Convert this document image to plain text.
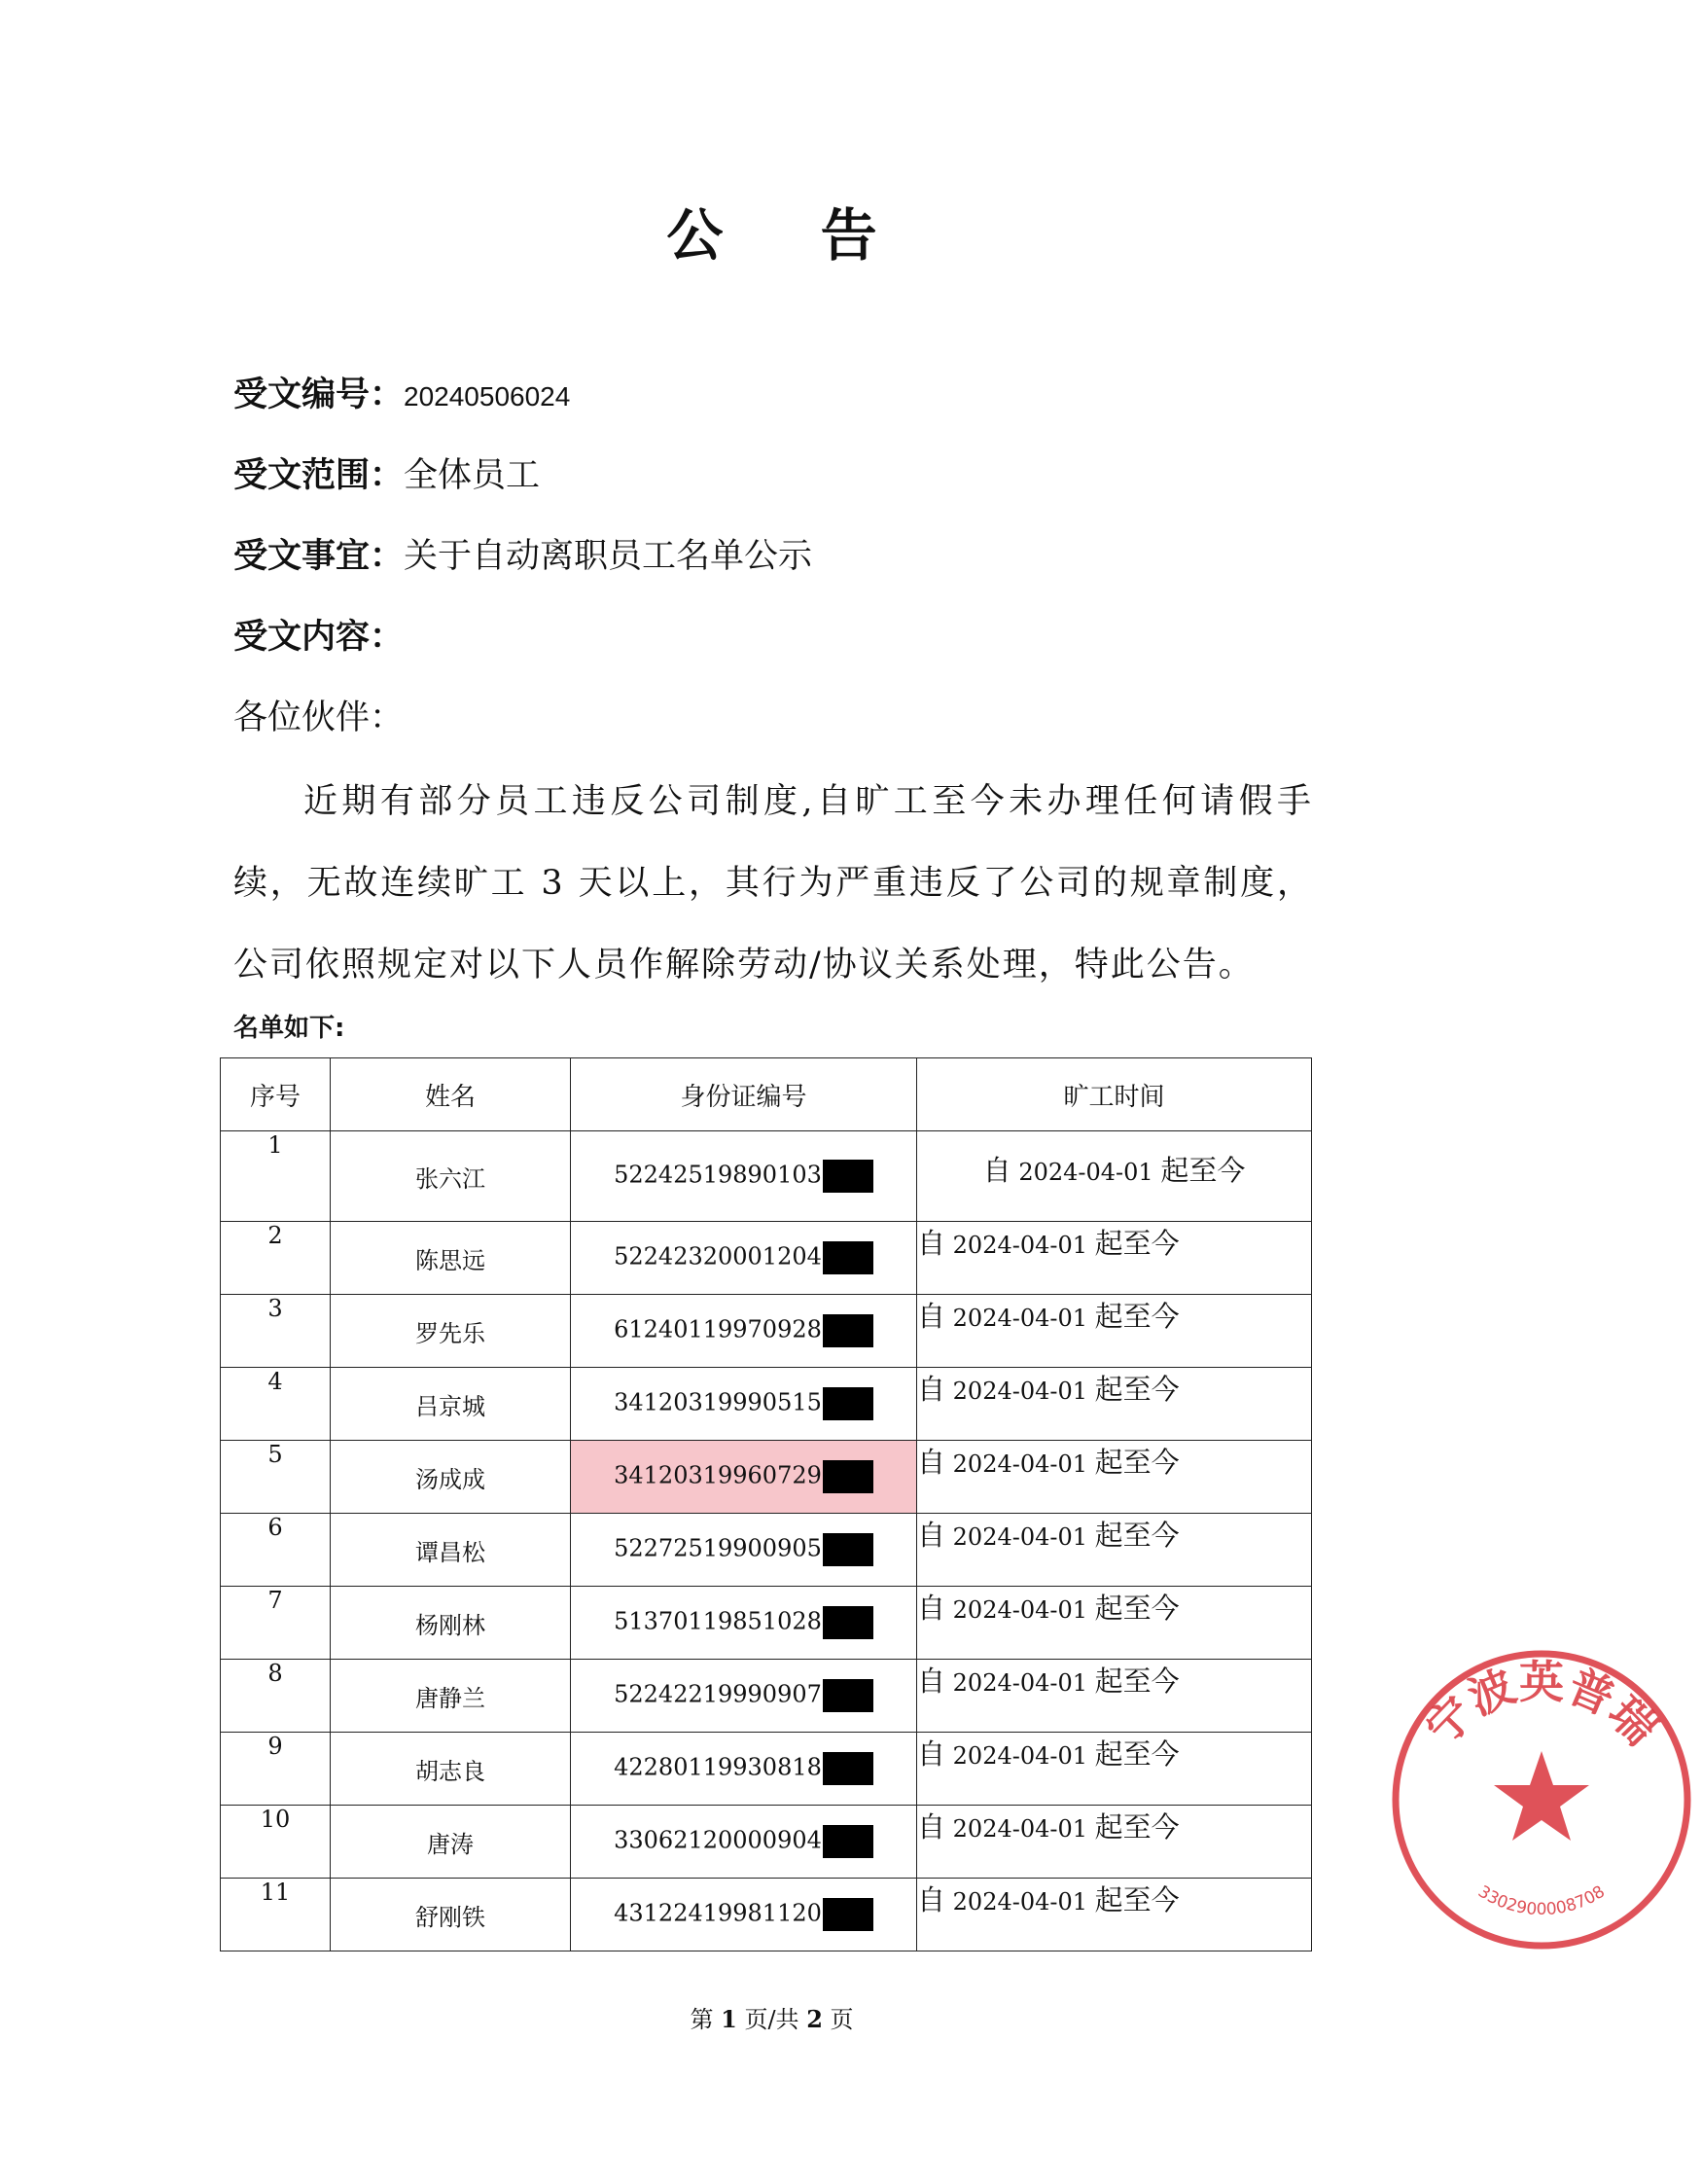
公 告
受文编号：20240506024
受文范围：全体员工
受文事宜：关于自动离职员工名单公示
受文内容：
各位伙伴：
近期有部分员工违反公司制度,自旷工至今未办理任何请假手续，无故连续旷工 3 天以上，其行为严重违反了公司的规章制度，公司依照规定对以下人员作解除劳动/协议关系处理，特此公告。
名单如下:
序号	姓名	身份证编号	旷工时间
1	张六江	52242519890103	自 2024-04-01 起至今
2	陈思远	52242320001204	自 2024-04-01 起至今
3	罗先乐	61240119970928	自 2024-04-01 起至今
4	吕京城	34120319990515	自 2024-04-01 起至今
5	汤成成	34120319960729	自 2024-04-01 起至今
6	谭昌松	52272519900905	自 2024-04-01 起至今
7	杨刚林	51370119851028	自 2024-04-01 起至今
8	唐静兰	52242219990907	自 2024-04-01 起至今
9	胡志良	42280119930818	自 2024-04-01 起至今
10	唐涛	33062120000904	自 2024-04-01 起至今
11	舒刚铁	43122419981120	自 2024-04-01 起至今
第 1 页/共 2 页
宁波英普瑞
3302900008708
